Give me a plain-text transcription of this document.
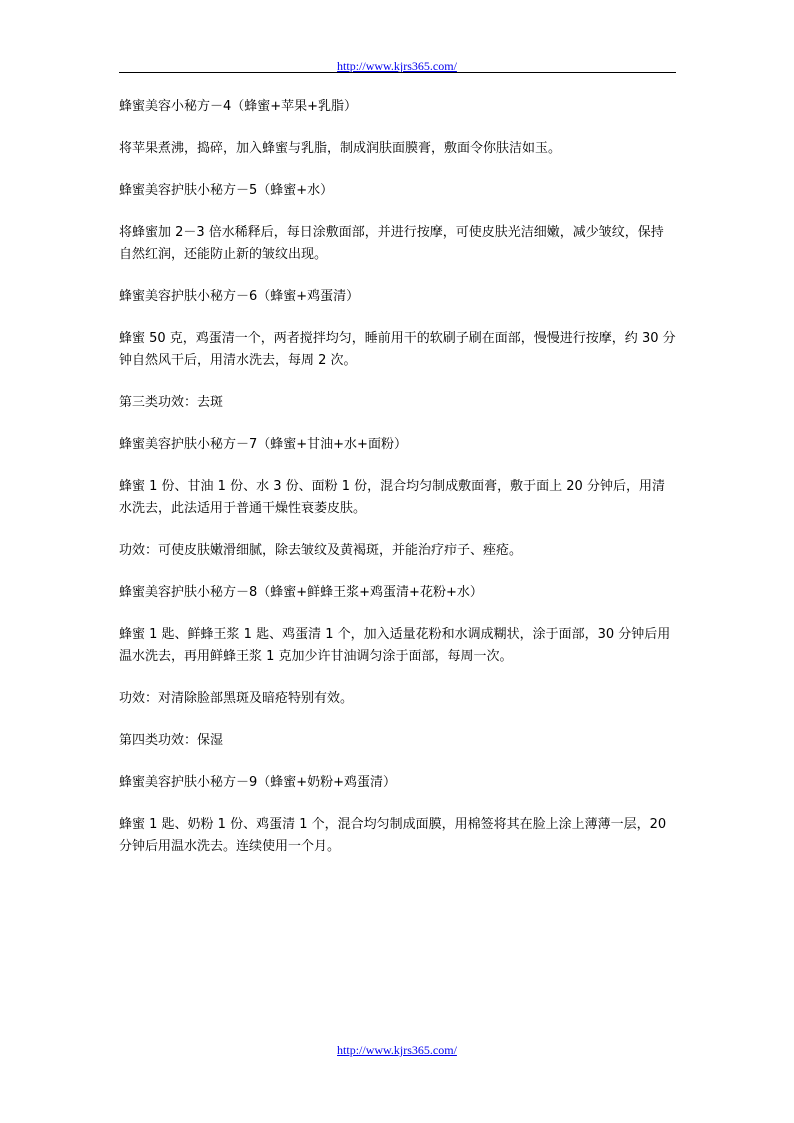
http://www.kjrs365.com/

蜂蜜美容小秘方－4（蜂蜜+苹果+乳脂）

将苹果煮沸，捣碎，加入蜂蜜与乳脂，制成润肤面膜膏，敷面令你肤洁如玉。

蜂蜜美容护肤小秘方－5（蜂蜜+水）

将蜂蜜加 2－3 倍水稀释后，每日涂敷面部，并进行按摩，可使皮肤光洁细嫩，减少皱纹，保持自然红润，还能防止新的皱纹出现。

蜂蜜美容护肤小秘方－6（蜂蜜+鸡蛋清）

蜂蜜 50 克，鸡蛋清一个，两者搅拌均匀，睡前用干的软刷子刷在面部，慢慢进行按摩，约 30 分钟自然风干后，用清水洗去，每周 2 次。

第三类功效：去斑

蜂蜜美容护肤小秘方－7（蜂蜜+甘油+水+面粉）

蜂蜜 1 份、甘油 1 份、水 3 份、面粉 1 份，混合均匀制成敷面膏，敷于面上 20 分钟后，用清水洗去，此法适用于普通干燥性衰萎皮肤。

功效：可使皮肤嫩滑细腻，除去皱纹及黄褐斑，并能治疗疖子、痤疮。

蜂蜜美容护肤小秘方－8（蜂蜜+鲜蜂王浆+鸡蛋清+花粉+水）

蜂蜜 1 匙、鲜蜂王浆 1 匙、鸡蛋清 1 个，加入适量花粉和水调成糊状，涂于面部，30 分钟后用温水洗去，再用鲜蜂王浆 1 克加少许甘油调匀涂于面部，每周一次。

功效：对清除脸部黑斑及暗疮特别有效。

第四类功效：保湿

蜂蜜美容护肤小秘方－9（蜂蜜+奶粉+鸡蛋清）

蜂蜜 1 匙、奶粉 1 份、鸡蛋清 1 个，混合均匀制成面膜，用棉签将其在脸上涂上薄薄一层，20 分钟后用温水洗去。连续使用一个月。

http://www.kjrs365.com/
